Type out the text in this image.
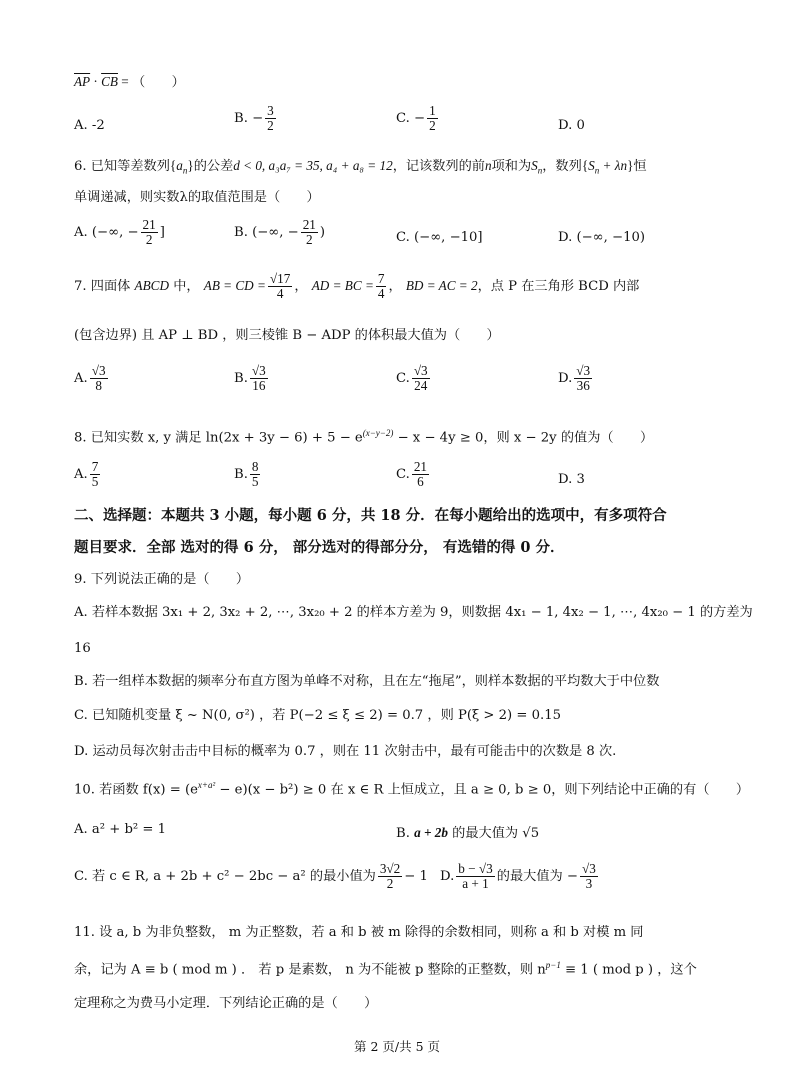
$\overline{AP} \cdot \overline{CB}$ = （　　）
A. -2	B. − $\frac{3}{2}$	C. − $\frac{1}{2}$	D. 0
6. 已知等差数列$\{a_n\}$的公差d < 0, a₃a₇ = 35, a₄ + a₈ = 12，记该数列的前n项和为$S_n$，数列$\{S_n + \lambda n\}$恒
单调递减，则实数λ的取值范围是（　　）
A. (−∞, − $\frac{21}{2}$ ]	B. (−∞, − $\frac{21}{2}$ )	C. (−∞, −10]	D. (−∞, −10)
7. 四面体 ABCD 中， AB = CD = $\frac{√17}{4}$ ， AD = BC = $\frac{7}{4}$ ， BD = AC = 2，点 P 在三角形 BCD 内部
(包含边界) 且 AP ⊥ BD ，则三棱锥 B − ADP 的体积最大值为（　　）
A. $\frac{√3}{8}$	B. $\frac{√3}{16}$	C. $\frac{√3}{24}$	D. $\frac{√3}{36}$
8. 已知实数 x, y 满足 $\ln(2x + 3y - 6) + 5 - e^{(x-y-2)} - x - 4y \ge 0$，则 x − 2y 的值为（　　）
A. $\frac{7}{5}$	B. $\frac{8}{5}$	C. $\frac{21}{6}$	D. 3
二、选择题：本题共 3 小题，每小题 6 分，共 18 分．在每小题给出的选项中，有多项符合
题目要求．全部 选对的得 6 分， 部分选对的得部分分， 有选错的得 0 分．
9. 下列说法正确的是（　　）
A. 若样本数据 3x₁ + 2, 3x₂ + 2, ⋯, 3x₂₀ + 2 的样本方差为 9，则数据 4x₁ − 1, 4x₂ − 1, ⋯, 4x₂₀ − 1 的方差为
16
B. 若一组样本数据的频率分布直方图为单峰不对称，且在左“拖尾”，则样本数据的平均数大于中位数
C. 已知随机变量 ξ ~ N(0, σ²) ，若 P(−2 ≤ ξ ≤ 2) = 0.7 ，则 P(ξ > 2) = 0.15
D. 运动员每次射击击中目标的概率为 0.7 ，则在 11 次射击中，最有可能击中的次数是 8 次.
10. 若函数 $f(x) = (e^{x+a^2} - e)(x - b^2) \ge 0$ 在 x ∈ R 上恒成立，且 a ≥ 0, b ≥ 0，则下列结论中正确的有（　　）
A. a² + b² = 1	B. a + 2b 的最大值为 √5
C. 若 c ∈ R, a + 2b + c² − 2bc − a² 的最小值为 $\frac{3√2}{2} - 1$ D. $\frac{b - √3}{a + 1}$ 的最大值为 − $\frac{√3}{3}$
11. 设 a, b 为非负整数， m 为正整数，若 a 和 b 被 m 除得的余数相同，则称 a 和 b 对模 m 同
余，记为 A ≡ b ( mod m ) ． 若 p 是素数， n 为不能被 p 整除的正整数，则 $n^{p-1} \equiv 1$ ( mod p ) ，这个
定理称之为费马小定理．下列结论正确的是（　　）
第 2 页/共 5 页
